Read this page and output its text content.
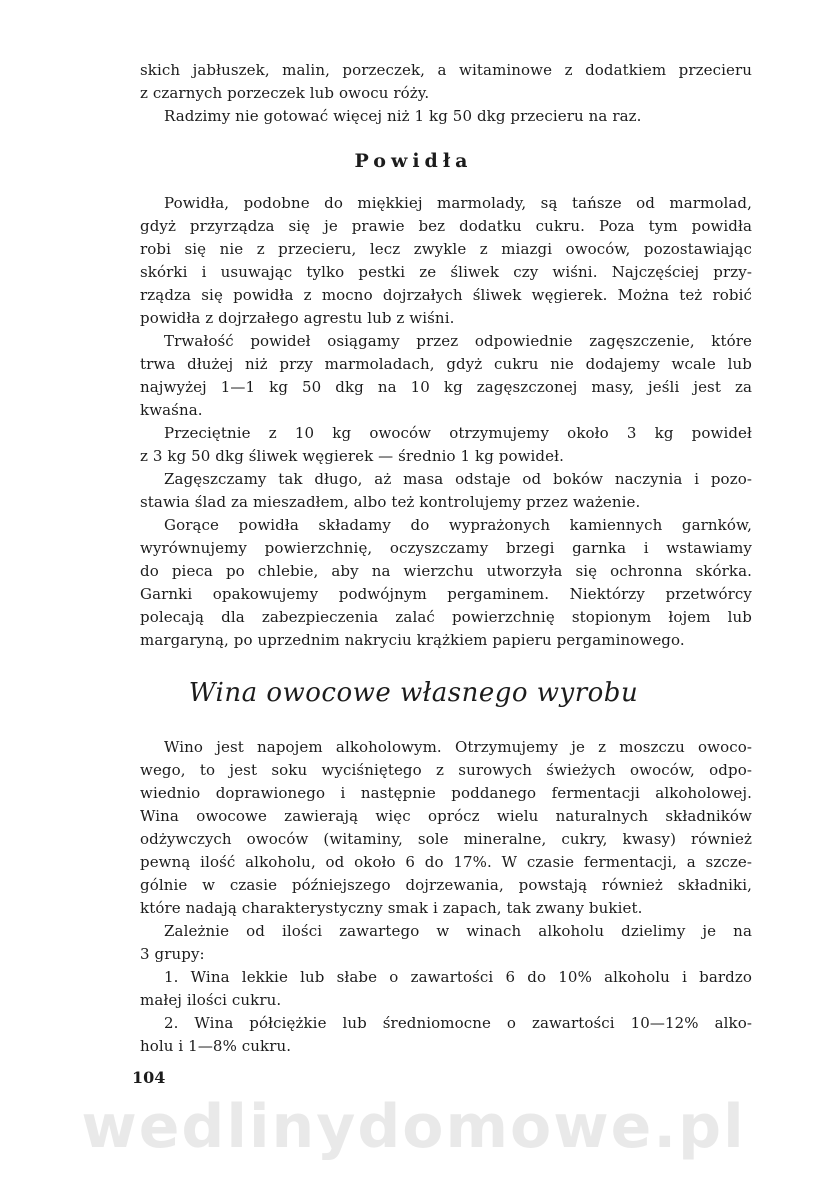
skich jabłuszek, malin, porzeczek, a witaminowe z dodatkiem przecieru
z czarnych porzeczek lub owocu róży.
Radzimy nie gotować więcej niż 1 kg 50 dkg przecieru na raz.
Powidła
Powidła, podobne do miękkiej marmolady, są tańsze od marmolad,
gdyż przyrządza się je prawie bez dodatku cukru. Poza tym powidła
robi się nie z przecieru, lecz zwykle z miazgi owoców, pozostawiając
skórki i usuwając tylko pestki ze śliwek czy wiśni. Najczęściej przy-
rządza się powidła z mocno dojrzałych śliwek węgierek. Można też robić
powidła z dojrzałego agrestu lub z wiśni.
Trwałość powideł osiągamy przez odpowiednie zagęszczenie, które
trwa dłużej niż przy marmoladach, gdyż cukru nie dodajemy wcale lub
najwyżej 1—1 kg 50 dkg na 10 kg zagęszczonej masy, jeśli jest za
kwaśna.
Przeciętnie z 10 kg owoców otrzymujemy około 3 kg powideł
z 3 kg 50 dkg śliwek węgierek — średnio 1 kg powideł.
Zagęszczamy tak długo, aż masa odstaje od boków naczynia i pozo-
stawia ślad za mieszadłem, albo też kontrolujemy przez ważenie.
Gorące powidła składamy do wyprażonych kamiennych garnków,
wyrównujemy powierzchnię, oczyszczamy brzegi garnka i wstawiamy
do pieca po chlebie, aby na wierzchu utworzyła się ochronna skórka.
Garnki opakowujemy podwójnym pergaminem. Niektórzy przetwórcy
polecają dla zabezpieczenia zalać powierzchnię stopionym łojem lub
margaryną, po uprzednim nakryciu krążkiem papieru pergaminowego.
Wina owocowe własnego wyrobu
Wino jest napojem alkoholowym. Otrzymujemy je z moszczu owoco-
wego, to jest soku wyciśniętego z surowych świeżych owoców, odpo-
wiednio doprawionego i następnie poddanego fermentacji alkoholowej.
Wina owocowe zawierają więc oprócz wielu naturalnych składników
odżywczych owoców (witaminy, sole mineralne, cukry, kwasy) również
pewną ilość alkoholu, od około 6 do 17%. W czasie fermentacji, a szcze-
gólnie w czasie późniejszego dojrzewania, powstają również składniki,
które nadają charakterystyczny smak i zapach, tak zwany bukiet.
Zależnie od ilości zawartego w winach alkoholu dzielimy je na
3 grupy:
1. Wina lekkie lub słabe o zawartości 6 do 10% alkoholu i bardzo
małej ilości cukru.
2. Wina półciężkie lub średniomocne o zawartości 10—12% alko-
holu i 1—8% cukru.
104
wedlinydomowe.pl
